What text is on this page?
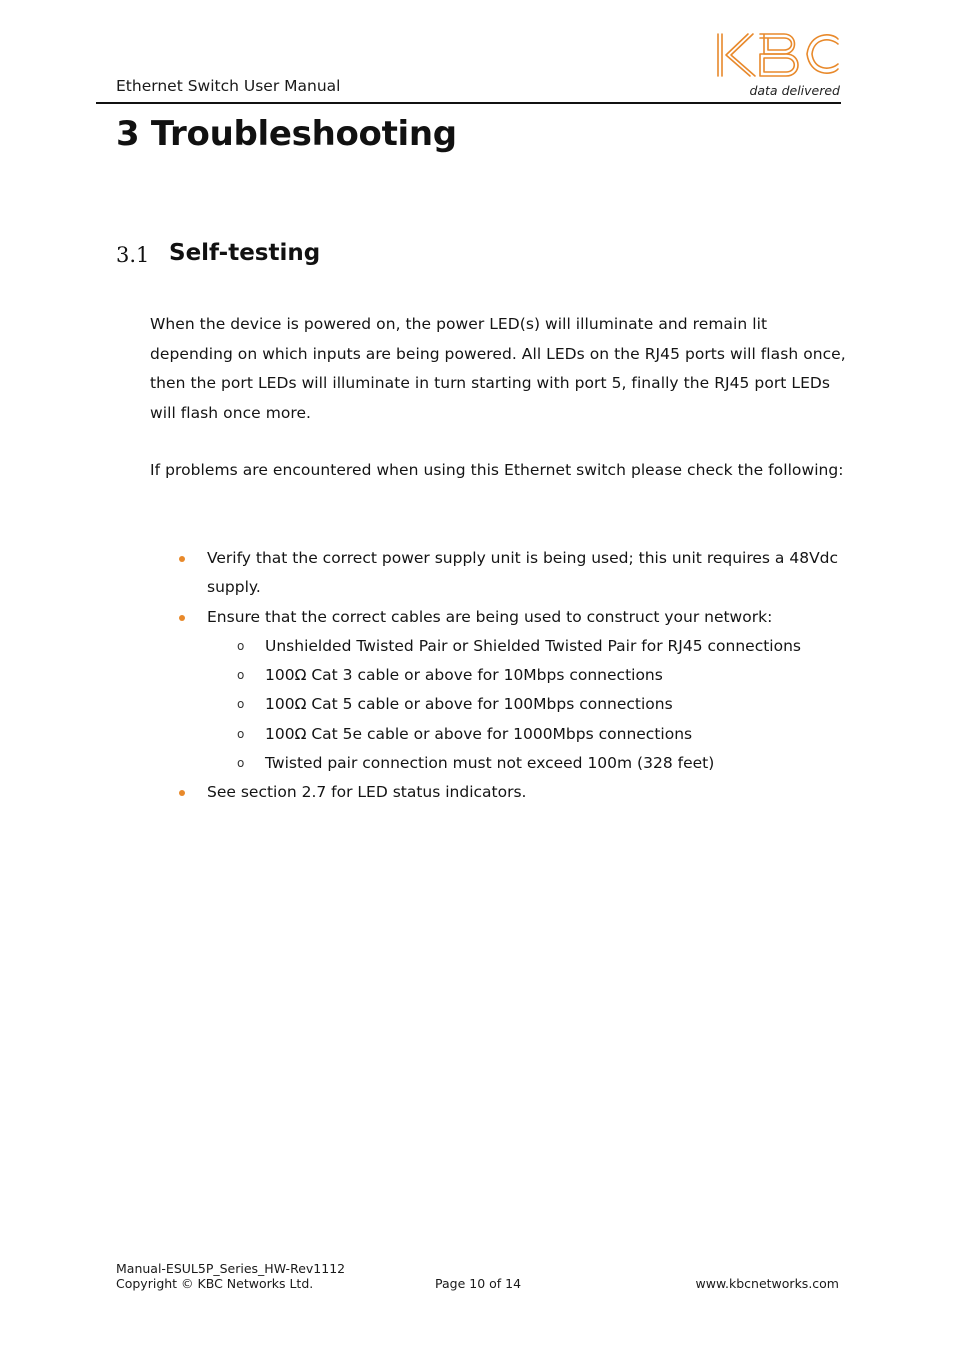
Ethernet Switch User Manual	data delivered
3 Troubleshooting
3.1 Self-testing

When the device is powered on, the power LED(s) will illuminate and remain lit depending on which inputs are being powered. All LEDs on the RJ45 ports will flash once, then the port LEDs will illuminate in turn starting with port 5, finally the RJ45 port LEDs will flash once more.

If problems are encountered when using this Ethernet switch please check the following:

Verify that the correct power supply unit is being used; this unit requires a 48Vdc supply.
Ensure that the correct cables are being used to construct your network:
o Unshielded Twisted Pair or Shielded Twisted Pair for RJ45 connections
o 100Ω Cat 3 cable or above for 10Mbps connections
o 100Ω Cat 5 cable or above for 100Mbps connections
o 100Ω Cat 5e cable or above for 1000Mbps connections
o Twisted pair connection must not exceed 100m (328 feet)
See section 2.7 for LED status indicators.
Manual-ESUL5P_Series_HW-Rev1112
Copyright © KBC Networks Ltd.	Page 10 of 14	www.kbcnetworks.com
